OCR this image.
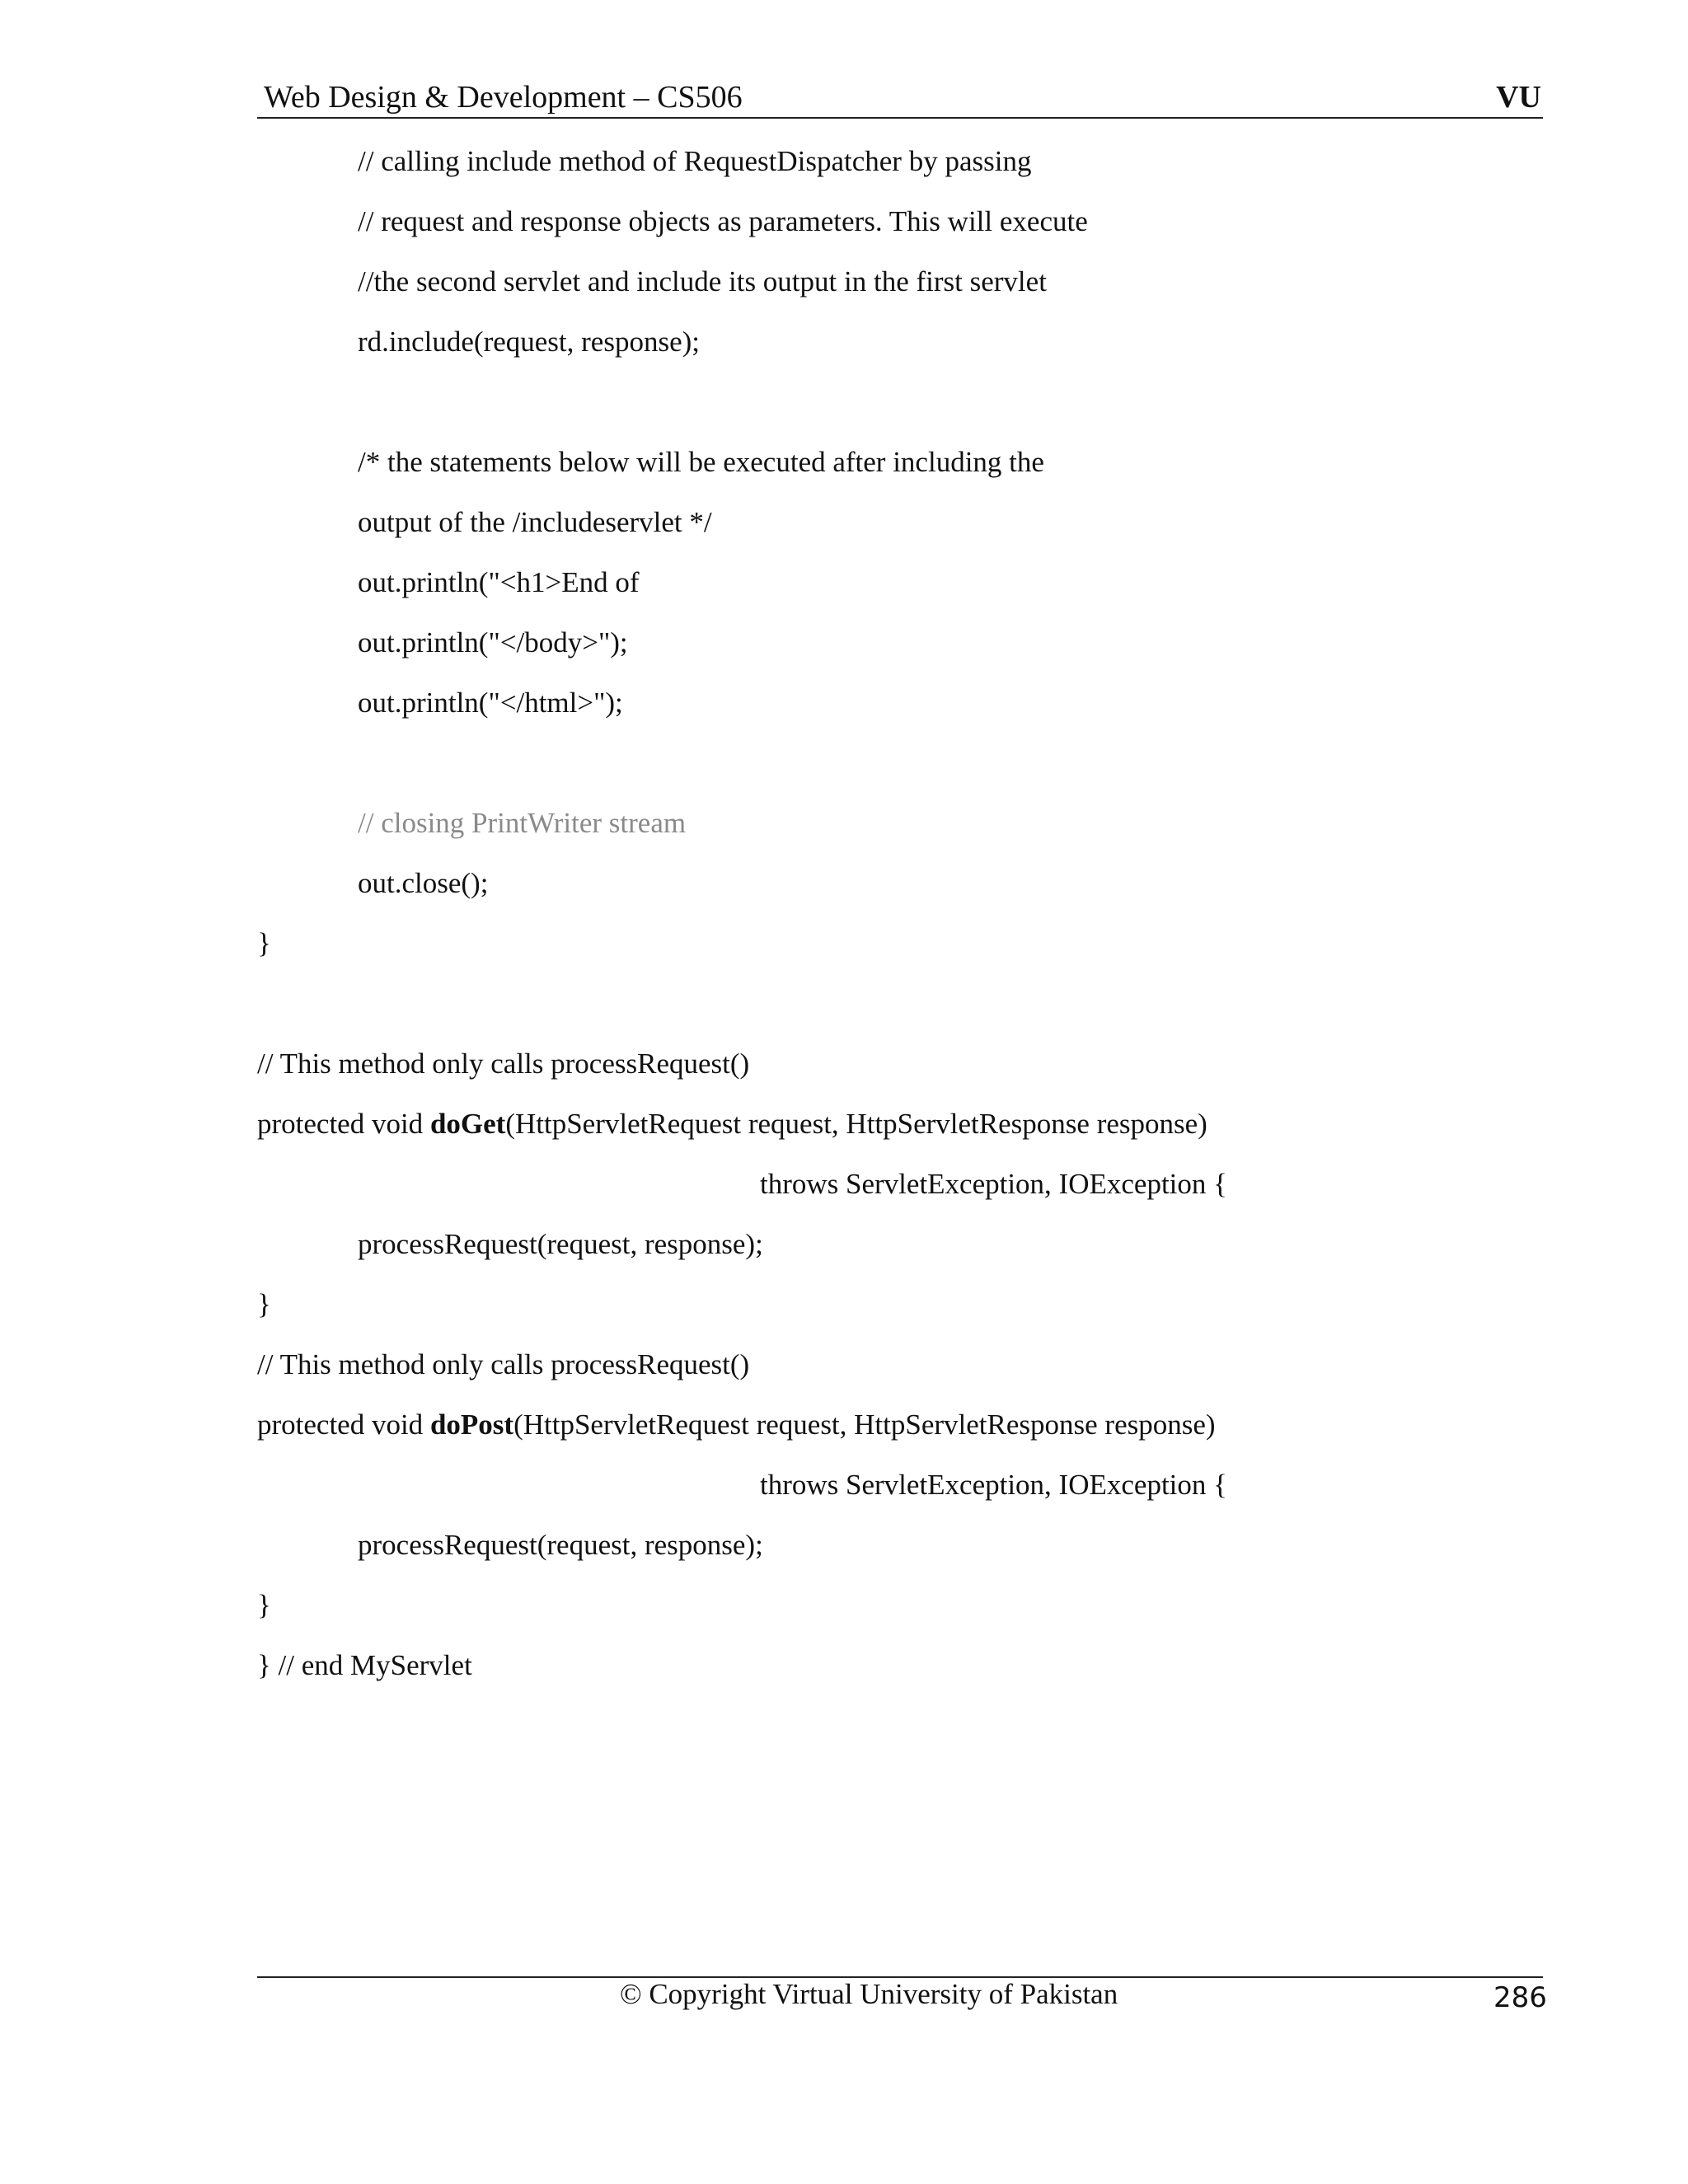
Web Design & Development – CS506	VU
// calling include method of RequestDispatcher by passing
// request and response objects as parameters. This will execute
//the second servlet and include its output in the first servlet
rd.include(request, response);
/* the statements below will be executed after including the
output of the /includeservlet */
out.println("<h1>End of
out.println("</body>");
out.println("</html>");
// closing PrintWriter stream
out.close();
}
// This method only calls processRequest()
protected void doGet(HttpServletRequest request, HttpServletResponse response)
throws ServletException, IOException {
processRequest(request, response);
}
// This method only calls processRequest()
protected void doPost(HttpServletRequest request, HttpServletResponse response)
throws ServletException, IOException {
processRequest(request, response);
}
} // end MyServlet
© Copyright Virtual University of Pakistan	286
